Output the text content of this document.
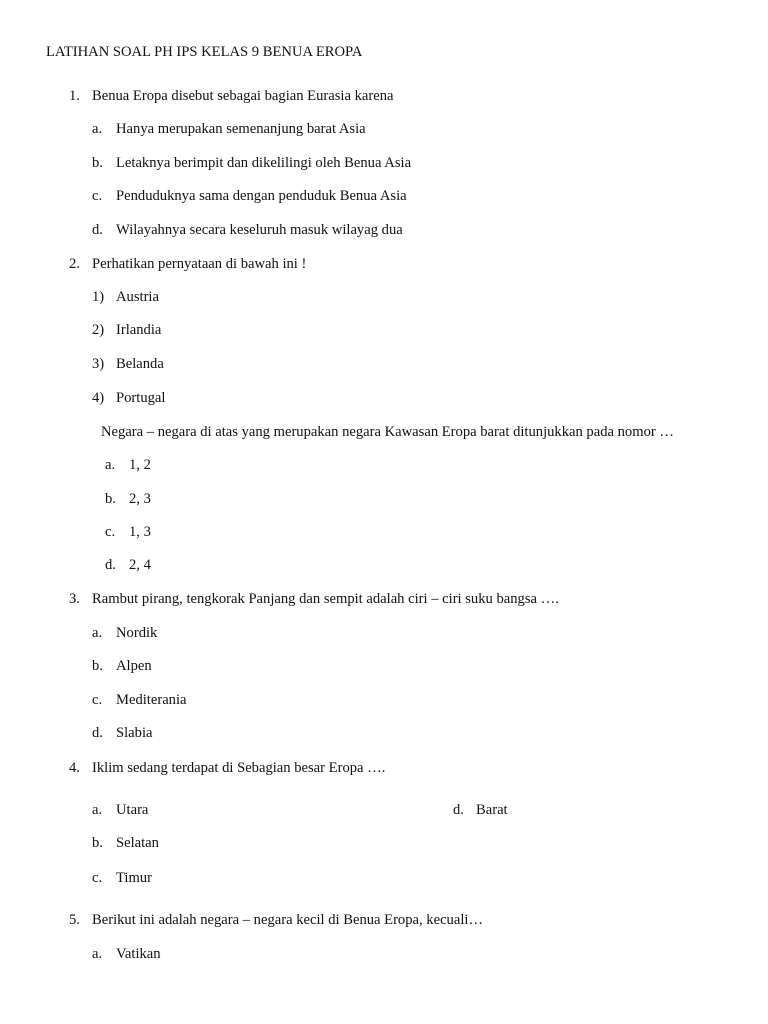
LATIHAN SOAL PH IPS KELAS 9 BENUA EROPA
1. Benua Eropa disebut sebagai bagian Eurasia karena
a. Hanya merupakan semenanjung barat Asia
b. Letaknya berimpit dan dikelilingi oleh Benua Asia
c. Penduduknya sama dengan penduduk Benua Asia
d. Wilayahnya secara keseluruh masuk wilayag dua
2. Perhatikan pernyataan di bawah ini !
1) Austria
2) Irlandia
3) Belanda
4) Portugal
Negara – negara di atas yang merupakan negara Kawasan Eropa barat ditunjukkan pada nomor …
a. 1, 2
b. 2, 3
c. 1, 3
d. 2, 4
3. Rambut pirang, tengkorak Panjang dan sempit adalah ciri – ciri suku bangsa ….
a. Nordik
b. Alpen
c. Mediterania
d. Slabia
4. Iklim sedang terdapat di Sebagian besar Eropa ….
a. Utara
b. Selatan
c. Timur
d. Barat
5. Berikut ini adalah negara – negara kecil di Benua Eropa, kecuali…
a. Vatikan
